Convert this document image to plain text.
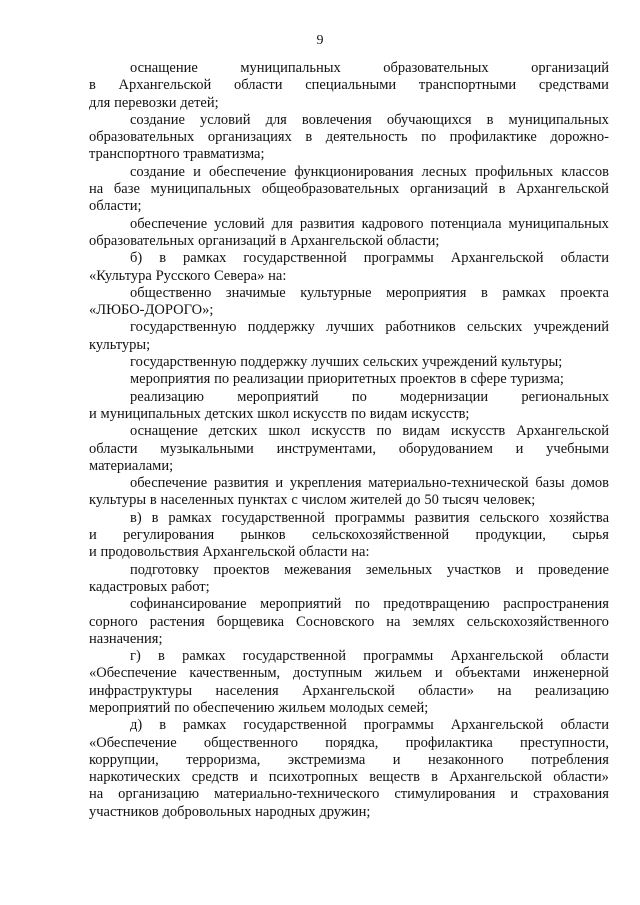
9
оснащение	муниципальных	образовательных	организаций
в Архангельской области специальными транспортными средствами
для перевозки детей;
создание условий для вовлечения обучающихся в муниципальных
образовательных организациях в деятельность по профилактике дорожно-
транспортного травматизма;
создание и обеспечение функционирования лесных профильных классов
на базе муниципальных общеобразовательных организаций в Архангельской
области;
обеспечение условий для развития кадрового потенциала муниципальных
образовательных организаций в Архангельской области;
б) в рамках государственной программы Архангельской области
«Культура Русского Севера» на:
общественно значимые культурные мероприятия в рамках проекта
«ЛЮБО-ДОРОГО»;
государственную поддержку лучших работников сельских учреждений
культуры;
государственную поддержку лучших сельских учреждений культуры;
мероприятия по реализации приоритетных проектов в сфере туризма;
реализацию мероприятий по модернизации региональных
и муниципальных детских школ искусств по видам искусств;
оснащение детских школ искусств по видам искусств Архангельской
области музыкальными инструментами, оборудованием и учебными
материалами;
обеспечение развития и укрепления материально-технической базы домов
культуры в населенных пунктах с числом жителей до 50 тысяч человек;
в) в рамках государственной программы развития сельского хозяйства
и регулирования рынков сельскохозяйственной продукции, сырья
и продовольствия Архангельской области на:
подготовку проектов межевания земельных участков и проведение
кадастровых работ;
софинансирование мероприятий по предотвращению распространения
сорного растения борщевика Сосновского на землях сельскохозяйственного
назначения;
г) в рамках государственной программы Архангельской области
«Обеспечение качественным, доступным жильем и объектами инженерной
инфраструктуры населения Архангельской области» на реализацию
мероприятий по обеспечению жильем молодых семей;
д) в рамках государственной программы Архангельской области
«Обеспечение общественного порядка, профилактика преступности,
коррупции, терроризма, экстремизма и незаконного потребления
наркотических средств и психотропных веществ в Архангельской области»
на организацию материально-технического стимулирования и страхования
участников добровольных народных дружин;
